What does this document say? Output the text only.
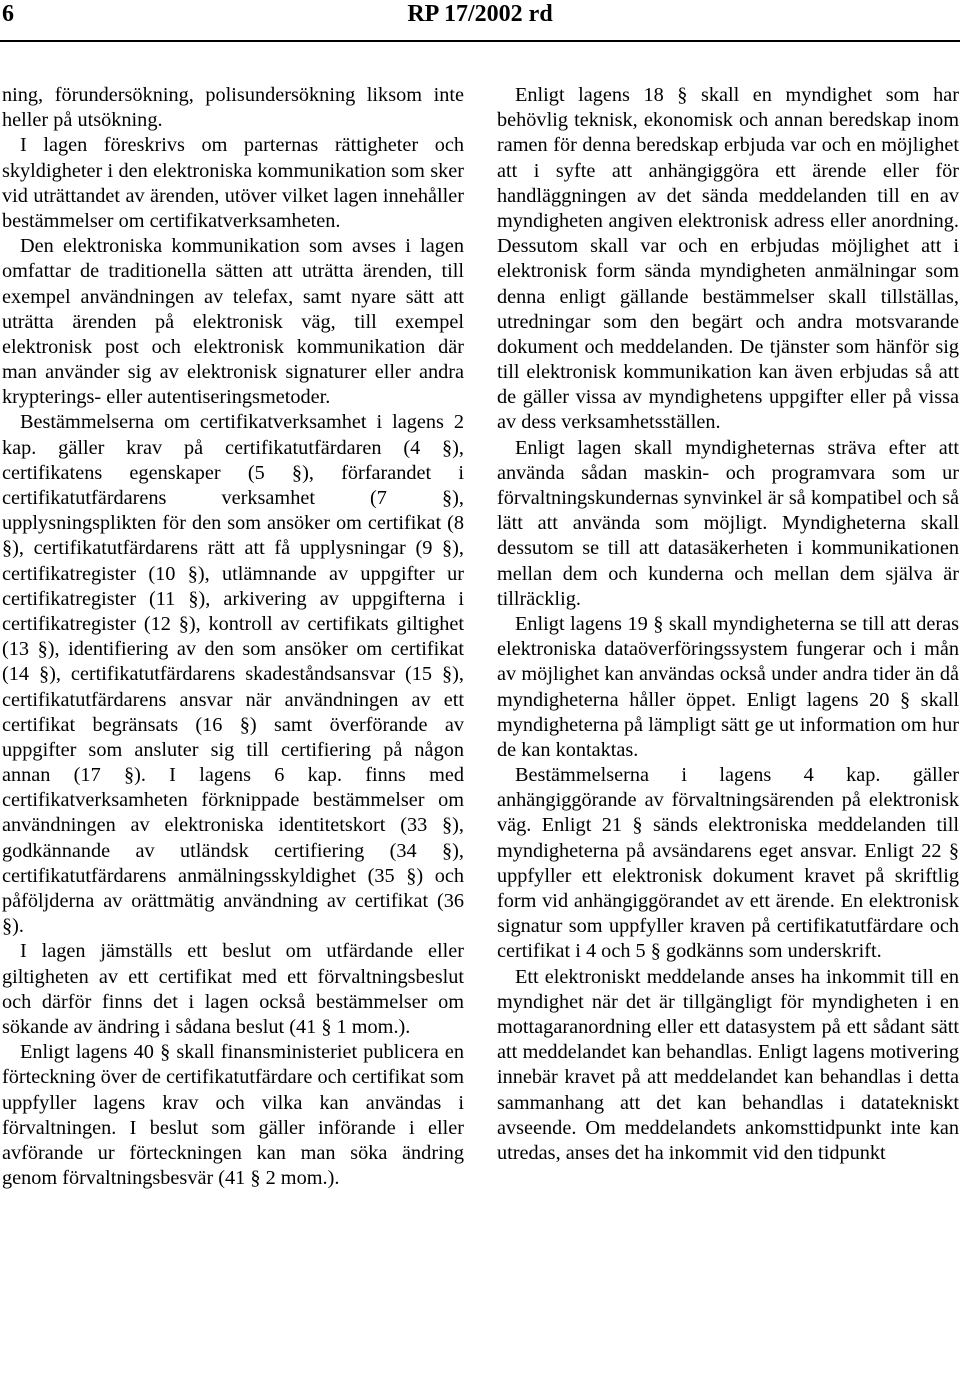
6	RP 17/2002 rd

ning, förundersökning, polisundersökning liksom inte heller på utsökning.

I lagen föreskrivs om parternas rättigheter och skyldigheter i den elektroniska kommunikation som sker vid uträttandet av ärenden, utöver vilket lagen innehåller bestämmelser om certifikatverksamheten.

Den elektroniska kommunikation som avses i lagen omfattar de traditionella sätten att uträtta ärenden, till exempel användningen av telefax, samt nyare sätt att uträtta ärenden på elektronisk väg, till exempel elektronisk post och elektronisk kommunikation där man använder sig av elektronisk signaturer eller andra krypterings- eller autentiseringsmetoder.

Bestämmelserna om certifikatverksamhet i lagens 2 kap. gäller krav på certifikatutfärdaren (4 §), certifikatens egenskaper (5 §), förfarandet i certifikatutfärdarens verksamhet (7 §), upplysningsplikten för den som ansöker om certifikat (8 §), certifikatutfärdarens rätt att få upplysningar (9 §), certifikatregister (10 §), utlämnande av uppgifter ur certifikatregister (11 §), arkivering av uppgifterna i certifikatregister (12 §), kontroll av certifikats giltighet (13 §), identifiering av den som ansöker om certifikat (14 §), certifikatutfärdarens skadeståndsansvar (15 §), certifikatutfärdarens ansvar när användningen av ett certifikat begränsats (16 §) samt överförande av uppgifter som ansluter sig till certifiering på någon annan (17 §). I lagens 6 kap. finns med certifikatverksamheten förknippade bestämmelser om användningen av elektroniska identitetskort (33 §), godkännande av utländsk certifiering (34 §), certifikatutfärdarens anmälningsskyldighet (35 §) och påföljderna av orättmätig användning av certifikat (36 §).

I lagen jämställs ett beslut om utfärdande eller giltigheten av ett certifikat med ett förvaltningsbeslut och därför finns det i lagen också bestämmelser om sökande av ändring i sådana beslut (41 § 1 mom.).

Enligt lagens 40 § skall finansministeriet publicera en förteckning över de certifikatutfärdare och certifikat som uppfyller lagens krav och vilka kan användas i förvaltningen. I beslut som gäller införande i eller avförande ur förteckningen kan man söka ändring genom förvaltningsbesvär (41 § 2 mom.).

Enligt lagens 18 § skall en myndighet som har behövlig teknisk, ekonomisk och annan beredskap inom ramen för denna beredskap erbjuda var och en möjlighet att i syfte att anhängiggöra ett ärende eller för handläggningen av det sända meddelanden till en av myndigheten angiven elektronisk adress eller anordning. Dessutom skall var och en erbjudas möjlighet att i elektronisk form sända myndigheten anmälningar som denna enligt gällande bestämmelser skall tillställas, utredningar som den begärt och andra motsvarande dokument och meddelanden. De tjänster som hänför sig till elektronisk kommunikation kan även erbjudas så att de gäller vissa av myndighetens uppgifter eller på vissa av dess verksamhetsställen.

Enligt lagen skall myndigheternas sträva efter att använda sådan maskin- och programvara som ur förvaltningskundernas synvinkel är så kompatibel och så lätt att använda som möjligt. Myndigheterna skall dessutom se till att datasäkerheten i kommunikationen mellan dem och kunderna och mellan dem själva är tillräcklig.

Enligt lagens 19 § skall myndigheterna se till att deras elektroniska dataöverföringssystem fungerar och i mån av möjlighet kan användas också under andra tider än då myndigheterna håller öppet. Enligt lagens 20 § skall myndigheterna på lämpligt sätt ge ut information om hur de kan kontaktas.

Bestämmelserna i lagens 4 kap. gäller anhängiggörande av förvaltningsärenden på elektronisk väg. Enligt 21 § sänds elektroniska meddelanden till myndigheterna på avsändarens eget ansvar. Enligt 22 § uppfyller ett elektronisk dokument kravet på skriftlig form vid anhängiggörandet av ett ärende. En elektronisk signatur som uppfyller kraven på certifikatutfärdare och certifikat i 4 och 5 § godkänns som underskrift.

Ett elektroniskt meddelande anses ha inkommit till en myndighet när det är tillgängligt för myndigheten i en mottagaranordning eller ett datasystem på ett sådant sätt att meddelandet kan behandlas. Enligt lagens motivering innebär kravet på att meddelandet kan behandlas i detta sammanhang att det kan behandlas i datatekniskt avseende. Om meddelandets ankomsttidpunkt inte kan utredas, anses det ha inkommit vid den tidpunkt
